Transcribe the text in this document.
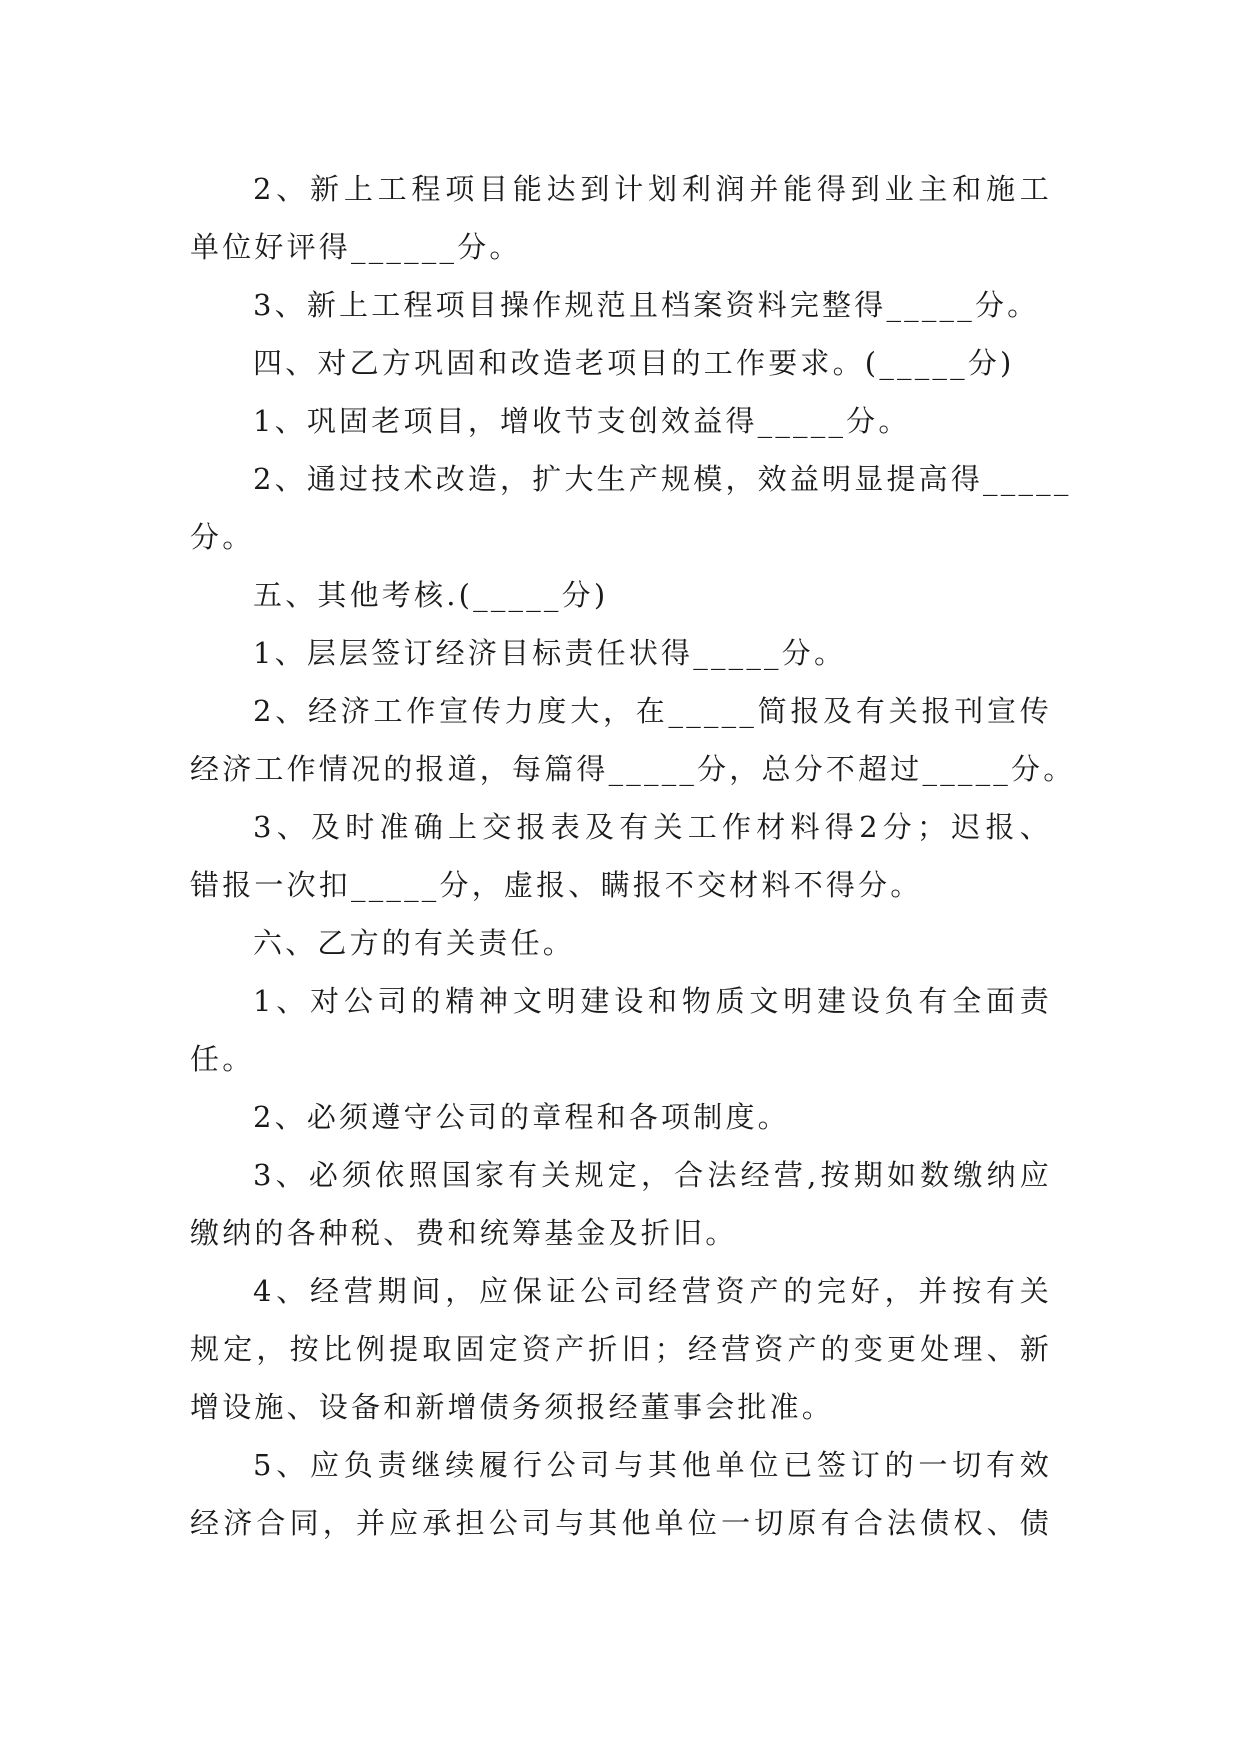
2、新上工程项目能达到计划利润并能得到业主和施工
单位好评得______分。
3、新上工程项目操作规范且档案资料完整得_____分。
四、对乙方巩固和改造老项目的工作要求。(_____分)
1、巩固老项目，增收节支创效益得_____分。
2、通过技术改造，扩大生产规模，效益明显提高得_____
分。
五、其他考核.(_____分)
1、层层签订经济目标责任状得_____分。
2、经济工作宣传力度大，在_____简报及有关报刊宣传
经济工作情况的报道，每篇得_____分，总分不超过_____分。
3、及时准确上交报表及有关工作材料得2分；迟报、
错报一次扣_____分，虚报、瞒报不交材料不得分。
六、乙方的有关责任。
1、对公司的精神文明建设和物质文明建设负有全面责
任。
2、必须遵守公司的章程和各项制度。
3、必须依照国家有关规定，合法经营,按期如数缴纳应
缴纳的各种税、费和统筹基金及折旧。
4、经营期间，应保证公司经营资产的完好，并按有关
规定，按比例提取固定资产折旧；经营资产的变更处理、新
增设施、设备和新增债务须报经董事会批准。
5、应负责继续履行公司与其他单位已签订的一切有效
经济合同，并应承担公司与其他单位一切原有合法债权、债
